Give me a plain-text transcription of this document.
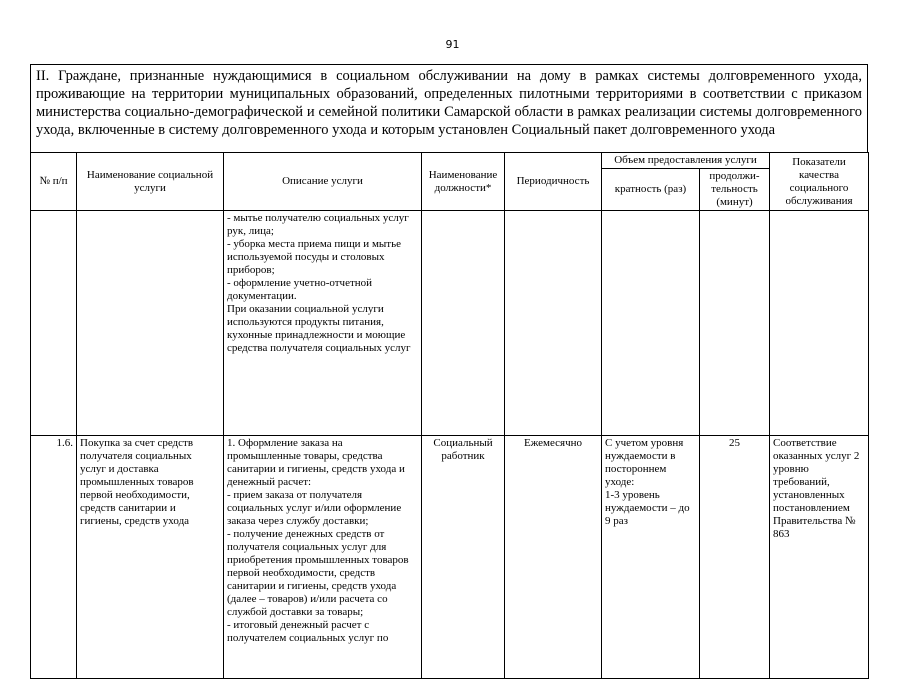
91
II. Граждане, признанные нуждающимися в социальном обслуживании на дому в рамках системы долговременного ухода, проживающие на территории муниципальных образований, определенных пилотными территориями в соответствии с приказом министерства социально-демографической и семейной политики Самарской области в рамках реализации системы долговременного ухода, включенные в систему долговременного ухода и которым установлен Социальный пакет долговременного ухода
№ п/п	Наименование социальной услуги	Описание услуги	Наименование должности*	Периодичность	Объем предоставления услуги		Показатели качества социального обслуживания
					кратность (раз)	продолжи-тельность (минут)	
		- мытье получателю социальных услуг рук, лица;
- уборка места приема пищи и мытье используемой посуды и столовых приборов;
- оформление учетно-отчетной документации.
При оказании социальной услуги используются продукты питания, кухонные принадлежности и моющие средства получателя социальных услуг					
1.6.	Покупка за счет средств получателя социальных услуг и доставка промышленных товаров первой необходимости, средств санитарии и гигиены, средств ухода	1. Оформление заказа на промышленные товары, средства санитарии и гигиены, средств ухода и денежный расчет:
- прием заказа от получателя социальных услуг и/или оформление заказа через службу доставки;
- получение денежных средств от получателя социальных услуг для приобретения промышленных товаров первой необходимости, средств санитарии и гигиены, средств ухода (далее – товаров) и/или расчета со службой доставки за товары;
- итоговый денежный расчет с получателем социальных услуг по	Социальный работник	Ежемесячно	С учетом уровня нуждаемости в постороннем уходе:
1-3 уровень нуждаемости – до 9 раз	25	Соответствие оказанных услуг 2 уровню требований, установленных постановлением Правительства № 863
